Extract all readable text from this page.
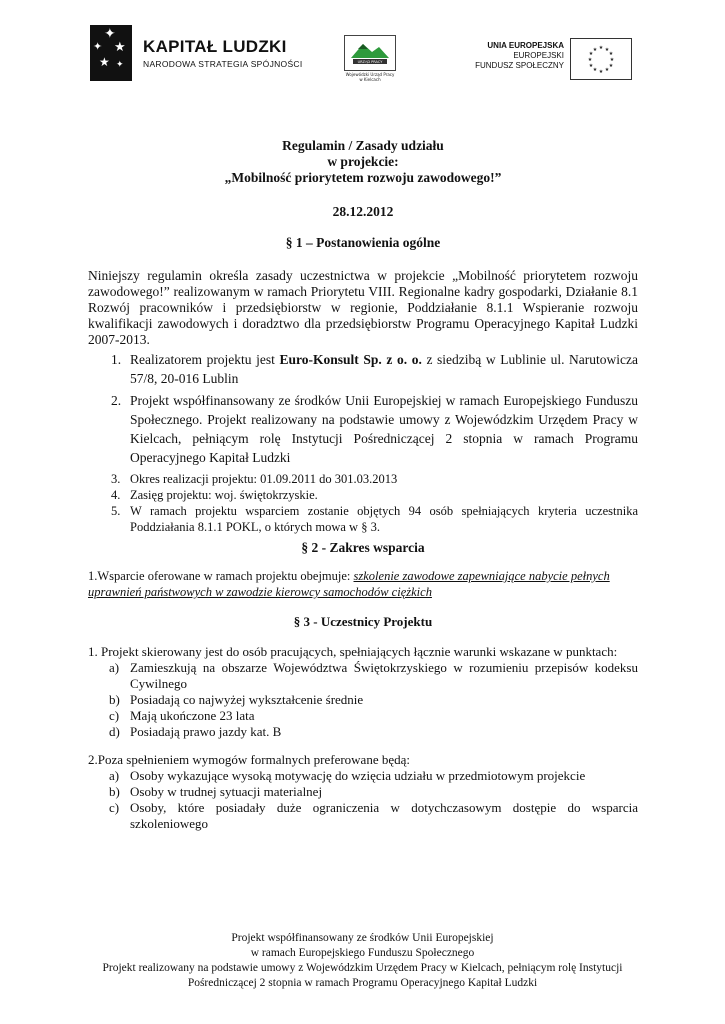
✦
✦ ★
★ ✦
KAPITAŁ LUDZKI
NARODOWA STRATEGIA SPÓJNOŚCI	URZĄD PRACY
Wojewódzki Urząd Pracy w Kielcach
UNIA EUROPEJSKA
EUROPEJSKI
FUNDUSZ SPOŁECZNY
★ ★
★
★
★
★
★
★
★
★
★
★
Regulamin / Zasady udziału
w projekcie:
„Mobilność priorytetem rozwoju zawodowego!”
28.12.2012
§ 1 – Postanowienia ogólne
Niniejszy regulamin określa zasady uczestnictwa w projekcie „Mobilność priorytetem rozwoju zawodowego!” realizowanym w ramach Priorytetu VIII. Regionalne kadry gospodarki, Działanie 8.1 Rozwój pracowników i przedsiębiorstw w regionie, Poddziałanie 8.1.1 Wspieranie rozwoju kwalifikacji zawodowych i doradztwo dla przedsiębiorstw Programu Operacyjnego Kapitał Ludzki 2007-2013.
1. Realizatorem projektu jest Euro-Konsult Sp. z o. o. z siedzibą w Lublinie ul. Narutowicza 57/8, 20-016 Lublin
2. Projekt współfinansowany ze środków Unii Europejskiej w ramach Europejskiego Funduszu Społecznego. Projekt realizowany na podstawie umowy z Wojewódzkim Urzędem Pracy w Kielcach, pełniącym rolę Instytucji Pośredniczącej 2 stopnia w ramach Programu Operacyjnego Kapitał Ludzki
3. Okres realizacji projektu: 01.09.2011 do 301.03.2013
4. Zasięg projektu: woj. świętokrzyskie.
5. W ramach projektu wsparciem zostanie objętych 94 osób spełniających kryteria uczestnika Poddziałania 8.1.1 POKL, o których mowa w § 3.
§ 2 - Zakres wsparcia
1.Wsparcie oferowane w ramach projektu obejmuje: szkolenie zawodowe zapewniające nabycie pełnych uprawnień państwowych w zawodzie kierowcy samochodów ciężkich
§ 3 - Uczestnicy Projektu
1. Projekt skierowany jest do osób pracujących, spełniających łącznie warunki wskazane w punktach:
a) Zamieszkują na obszarze Województwa Świętokrzyskiego w rozumieniu przepisów kodeksu Cywilnego
b) Posiadają co najwyżej wykształcenie średnie
c) Mają ukończone 23 lata
d) Posiadają prawo jazdy kat. B
2.Poza spełnieniem wymogów formalnych preferowane będą:
a) Osoby wykazujące wysoką motywację do wzięcia udziału w przedmiotowym projekcie
b) Osoby w trudnej sytuacji materialnej
c) Osoby, które posiadały duże ograniczenia w dotychczasowym dostępie do wsparcia szkoleniowego
Projekt współfinansowany ze środków Unii Europejskiej
w ramach Europejskiego Funduszu Społecznego
Projekt realizowany na podstawie umowy z Wojewódzkim Urzędem Pracy w Kielcach, pełniącym rolę Instytucji
Pośredniczącej 2 stopnia w ramach Programu Operacyjnego Kapitał Ludzki
